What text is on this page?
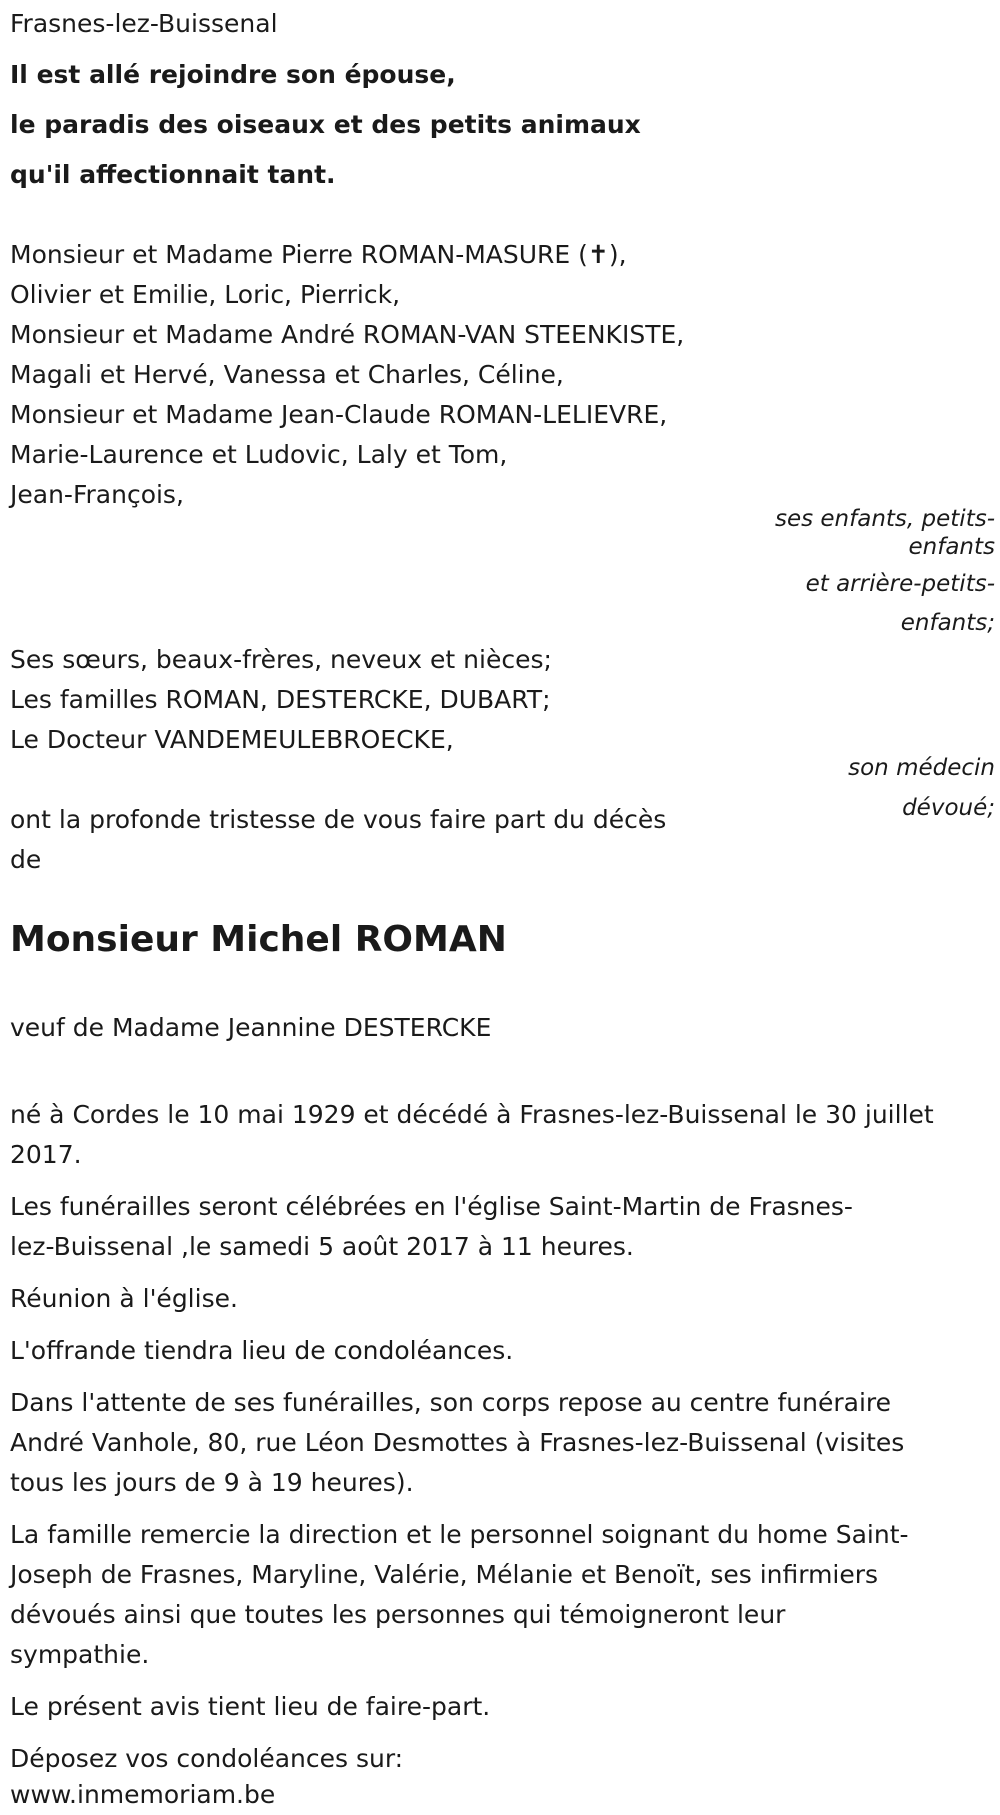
Frasnes-lez-Buissenal
Il est allé rejoindre son épouse,
le paradis des oiseaux et des petits animaux
qu'il affectionnait tant.
Monsieur et Madame Pierre ROMAN-MASURE (✝),
Olivier et Emilie, Loric, Pierrick,
Monsieur et Madame André ROMAN-VAN STEENKISTE,
Magali et Hervé, Vanessa et Charles, Céline,
Monsieur et Madame Jean-Claude ROMAN-LELIEVRE,
Marie-Laurence et Ludovic, Laly et Tom,
Jean-François,
ses enfants, petits-enfants
et arrière-petits-enfants;
Ses sœurs, beaux-frères, neveux et nièces;
Les familles ROMAN, DESTERCKE, DUBART;
Le Docteur VANDEMEULEBROECKE,
son médecin dévoué;
ont la profonde tristesse de vous faire part du décès
de
Monsieur Michel ROMAN
veuf de Madame Jeannine DESTERCKE
né à Cordes le 10 mai 1929 et décédé à Frasnes-lez-Buissenal le 30 juillet
2017.
Les funérailles seront célébrées en l'église Saint-Martin de Frasnes-
lez-Buissenal ,le samedi 5 août 2017 à 11 heures.
Réunion à l'église.
L'offrande tiendra lieu de condoléances.
Dans l'attente de ses funérailles, son corps repose au centre funéraire
André Vanhole, 80, rue Léon Desmottes à Frasnes-lez-Buissenal (visites
tous les jours de 9 à 19 heures).
La famille remercie la direction et le personnel soignant du home Saint-
Joseph de Frasnes, Maryline, Valérie, Mélanie et Benoït, ses infirmiers
dévoués ainsi que toutes les personnes qui témoigneront leur
sympathie.
Le présent avis tient lieu de faire-part.
Déposez vos condoléances sur:
www.inmemoriam.be
